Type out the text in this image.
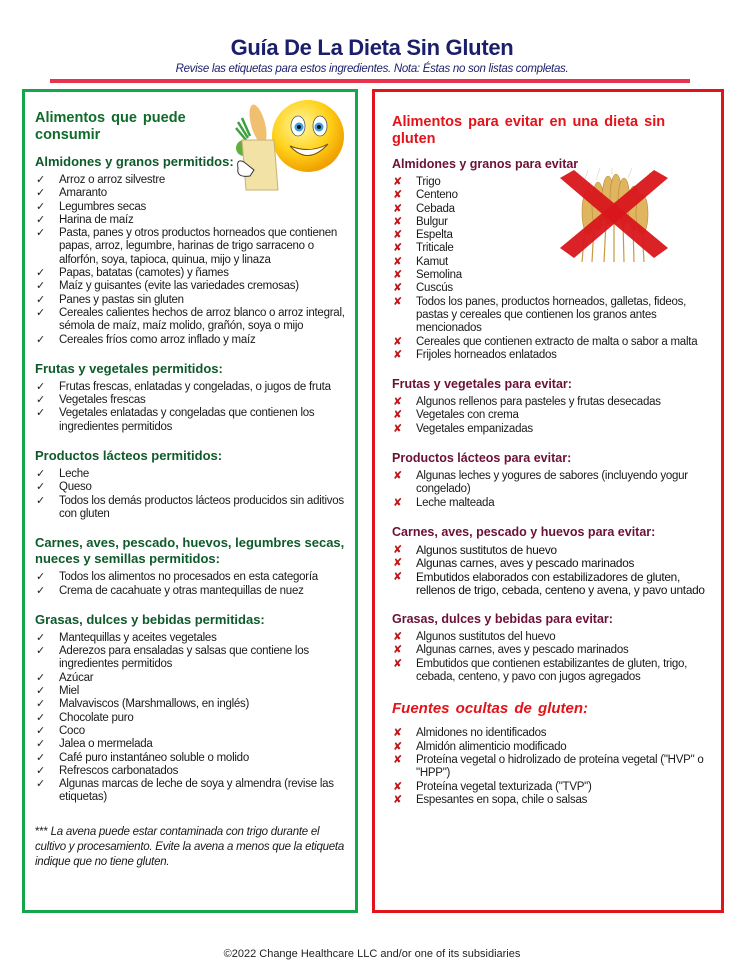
Guía De La Dieta Sin Gluten
Revise las etiquetas para estos ingredientes. Nota: Éstas no son listas completas.
Alimentos que puede consumir
Almidones y granos permitidos:
✓ Arroz o arroz silvestre
✓ Amaranto
✓ Legumbres secas
✓ Harina de maíz
✓ Pasta, panes y otros productos horneados que contienen papas, arroz, legumbre, harinas de trigo sarraceno o alforfón, soya, tapioca, quinua, mijo y linaza
✓ Papas, batatas (camotes) y ñames
✓ Maíz y guisantes (evite las variedades cremosas)
✓ Panes y pastas sin gluten
✓ Cereales calientes hechos de arroz blanco o arroz integral, sémola de maíz, maíz molido, grañón, soya o mijo
✓ Cereales fríos como arroz inflado y maíz
Frutas y vegetales permitidos:
✓ Frutas frescas, enlatadas y congeladas, o jugos de fruta
✓ Vegetales frescas
✓ Vegetales enlatadas y congeladas que contienen los ingredientes permitidos
Productos lácteos permitidos:
✓ Leche
✓ Queso
✓ Todos los demás productos lácteos producidos sin aditivos con gluten
Carnes, aves, pescado, huevos, legumbres secas, nueces y semillas permitidos:
✓ Todos los alimentos no procesados en esta categoría
✓ Crema de cacahuate y otras mantequillas de nuez
Grasas, dulces y bebidas permitidas:
✓ Mantequillas y aceites vegetales
✓ Aderezos para ensaladas y salsas que contiene los ingredientes permitidos
✓ Azúcar
✓ Miel
✓ Malvaviscos (Marshmallows, en inglés)
✓ Chocolate puro
✓ Coco
✓ Jalea o mermelada
✓ Café puro instantáneo soluble o molido
✓ Refrescos carbonatados
✓ Algunas marcas de leche de soya y almendra (revise las etiquetas)
*** La avena puede estar contaminada con trigo durante el cultivo y procesamiento. Evite la avena a menos que la etiqueta indique que no tiene gluten.
Alimentos para evitar en una dieta sin gluten
Almidones y granos para evitar
✘ Trigo
✘ Centeno
✘ Cebada
✘ Bulgur
✘ Espelta
✘ Triticale
✘ Kamut
✘ Semolina
✘ Cuscús
✘ Todos los panes, productos horneados, galletas, fideos, pastas y cereales que contienen los granos antes mencionados
✘ Cereales que contienen extracto de malta o sabor a malta
✘ Frijoles horneados enlatados
Frutas y vegetales para evitar:
✘ Algunos rellenos para pasteles y frutas desecadas
✘ Vegetales con crema
✘ Vegetales empanizadas
Productos lácteos para evitar:
✘ Algunas leches y yogures de sabores (incluyendo yogur congelado)
✘ Leche malteada
Carnes, aves, pescado y huevos para evitar:
✘ Algunos sustitutos de huevo
✘ Algunas carnes, aves y pescado marinados
✘ Embutidos elaborados con estabilizadores de gluten, rellenos de trigo, cebada, centeno y avena, y pavo untado
Grasas, dulces y bebidas para evitar:
✘ Algunos sustitutos del huevo
✘ Algunas carnes, aves y pescado marinados
✘ Embutidos que contienen estabilizantes de gluten, trigo, cebada, centeno, y pavo con jugos agregados
Fuentes ocultas de gluten:
✘ Almidones no identificados
✘ Almidón alimenticio modificado
✘ Proteína vegetal o hidrolizado de proteína vegetal ("HVP" o "HPP")
✘ Proteína vegetal texturizada ("TVP")
✘ Espesantes en sopa, chile o salsas
©2022 Change Healthcare LLC and/or one of its subsidiaries
